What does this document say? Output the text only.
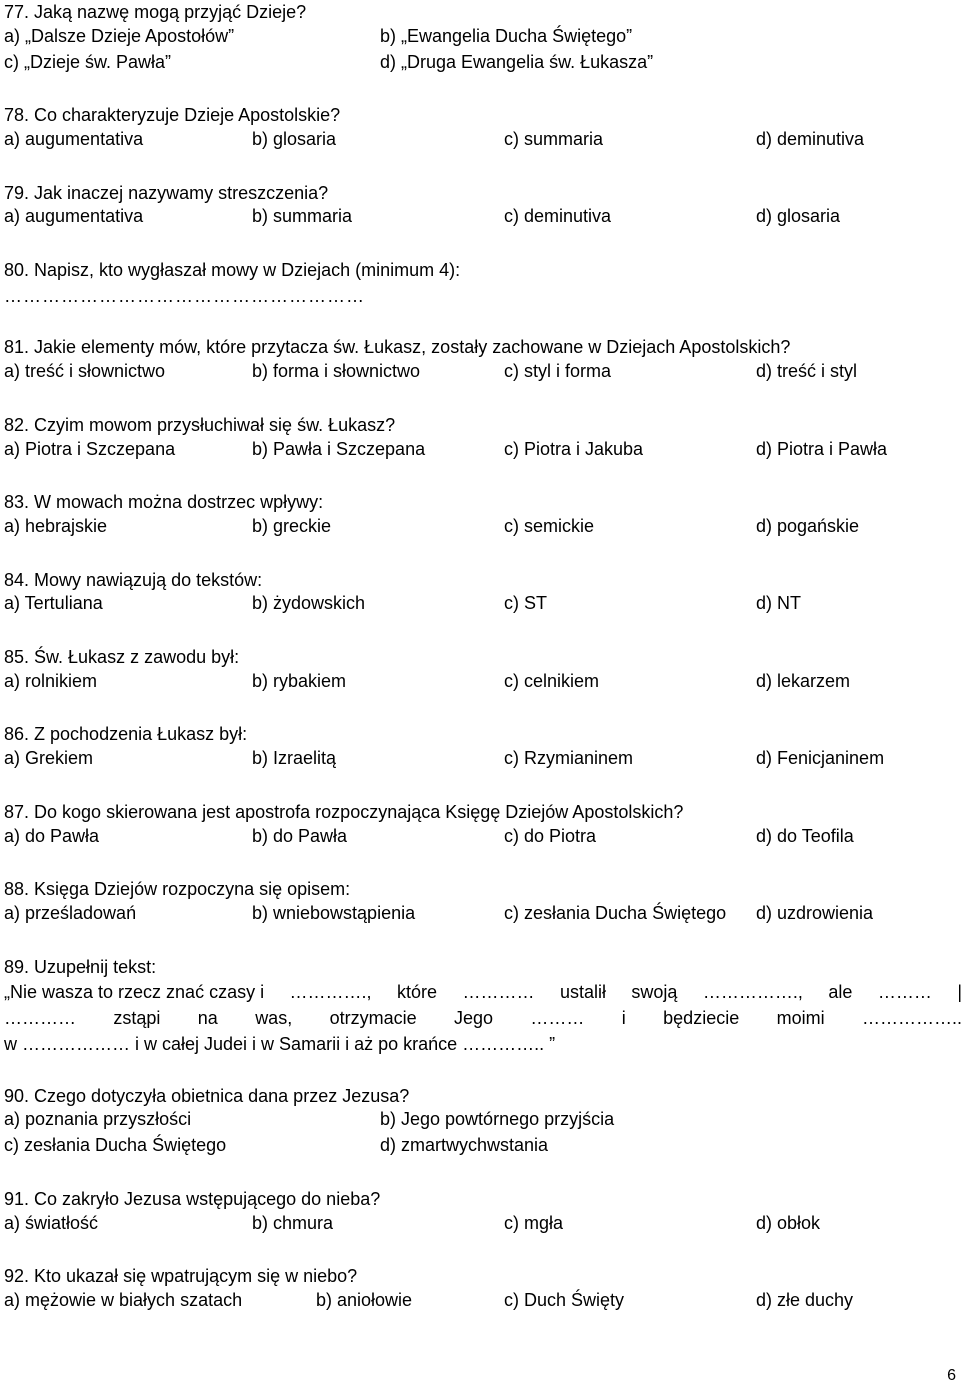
77. Jaką nazwę mogą przyjąć Dzieje?
a) „Dalsze Dzieje Apostołów”	b) „Ewangelia Ducha Świętego”
c) „Dzieje św. Pawła”	d) „Druga Ewangelia św. Łukasza”
78. Co charakteryzuje Dzieje Apostolskie?
a) augumentativa	b) glosaria	c) summaria	d) deminutiva
79. Jak inaczej nazywamy streszczenia?
a) augumentativa	b) summaria	c) deminutiva	d) glosaria
80. Napisz, kto wygłaszał mowy w Dziejach (minimum 4):
…………………………………………………
81. Jakie elementy mów, które przytacza św. Łukasz, zostały zachowane w Dziejach Apostolskich?
a) treść i słownictwo	b) forma i słownictwo	c) styl i forma	d) treść i styl
82. Czyim mowom przysłuchiwał się św. Łukasz?
a) Piotra i Szczepana	b) Pawła i Szczepana	c) Piotra i Jakuba	d) Piotra i Pawła
83. W mowach można dostrzec wpływy:
a) hebrajskie	b) greckie	c) semickie	d) pogańskie
84. Mowy nawiązują do tekstów:
a) Tertuliana	b) żydowskich	c) ST	d) NT
85. Św. Łukasz z zawodu był:
a) rolnikiem	b) rybakiem	c) celnikiem	d) lekarzem
86. Z pochodzenia Łukasz był:
a) Grekiem	b) Izraelitą	c) Rzymianinem	d) Fenicjaninem
87. Do kogo skierowana jest apostrofa rozpoczynająca Księgę Dziejów Apostolskich?
a) do Pawła	b) do Pawła	c) do Piotra	d) do Teofila
88. Księga Dziejów rozpoczyna się opisem:
a) prześladowań	b) wniebowstąpienia	c) zesłania Ducha Świętego d) uzdrowienia
89. Uzupełnij tekst:
„Nie wasza to rzecz znać czasy i …………., które ………… ustalił swoją ……………., ale ……… |
………… zstąpi na was, otrzymacie Jego ……… i będziecie moimi ……………..
w ……………… i w całej Judei i w Samarii i aż po krańce ………….. ”
90. Czego dotyczyła obietnica dana przez Jezusa?
a) poznania przyszłości	b) Jego powtórnego przyjścia
c) zesłania Ducha Świętego	d) zmartwychwstania
91. Co zakryło Jezusa wstępującego do nieba?
a) światłość	b) chmura	c) mgła	d) obłok
92. Kto ukazał się wpatrującym się w niebo?
a) mężowie w białych szatach	b) aniołowie	c) Duch Święty	d) złe duchy
6
